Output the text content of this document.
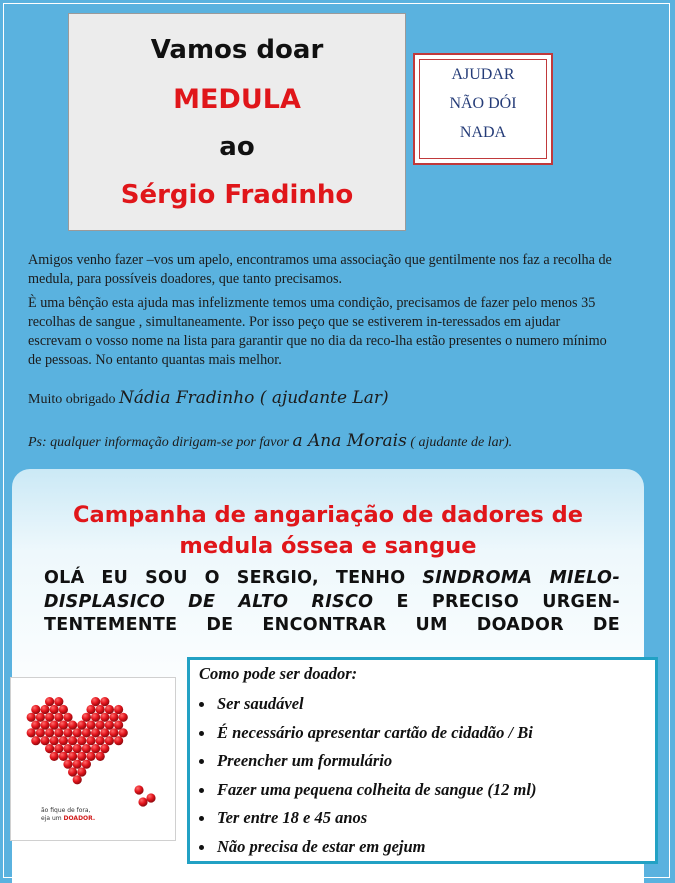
Vamos doar
MEDULA
ao
Sérgio Fradinho
AJUDAR
NÃO DÓI
NADA

Amigos venho fazer –vos um apelo, encontramos uma associação que gentilmente nos faz a recolha de medula, para possíveis doadores, que tanto precisamos.

È uma bênção esta ajuda mas infelizmente temos uma condição, precisamos de fazer pelo menos 35 recolhas de sangue , simultaneamente. Por isso peço que se estiverem in-teressados em ajudar escrevam o vosso nome na lista para garantir que no dia da reco-lha estão presentes o numero mínimo de pessoas. No entanto quantas mais melhor.

Muito obrigado Nádia Fradinho ( ajudante Lar)
Ps: qualquer informação dirigam-se por favor a Ana Morais ( ajudante de lar).
Campanha de angariação de dadores de
medula óssea e sangue
OLÁ EU SOU O SERGIO, TENHO SINDROMA MIELO-
DISPLASICO DE ALTO RISCO E PRECISO URGEN-
TENTEMENTE DE ENCONTRAR UM DOADOR DE
ão fique de fora,
eja um DOADOR.
Como pode ser doador:
Ser saudável
É necessário apresentar cartão de cidadão / Bi
Preencher um formulário
Fazer uma pequena colheita de sangue (12 ml)
Ter entre 18 e 45 anos
Não precisa de estar em gejum
